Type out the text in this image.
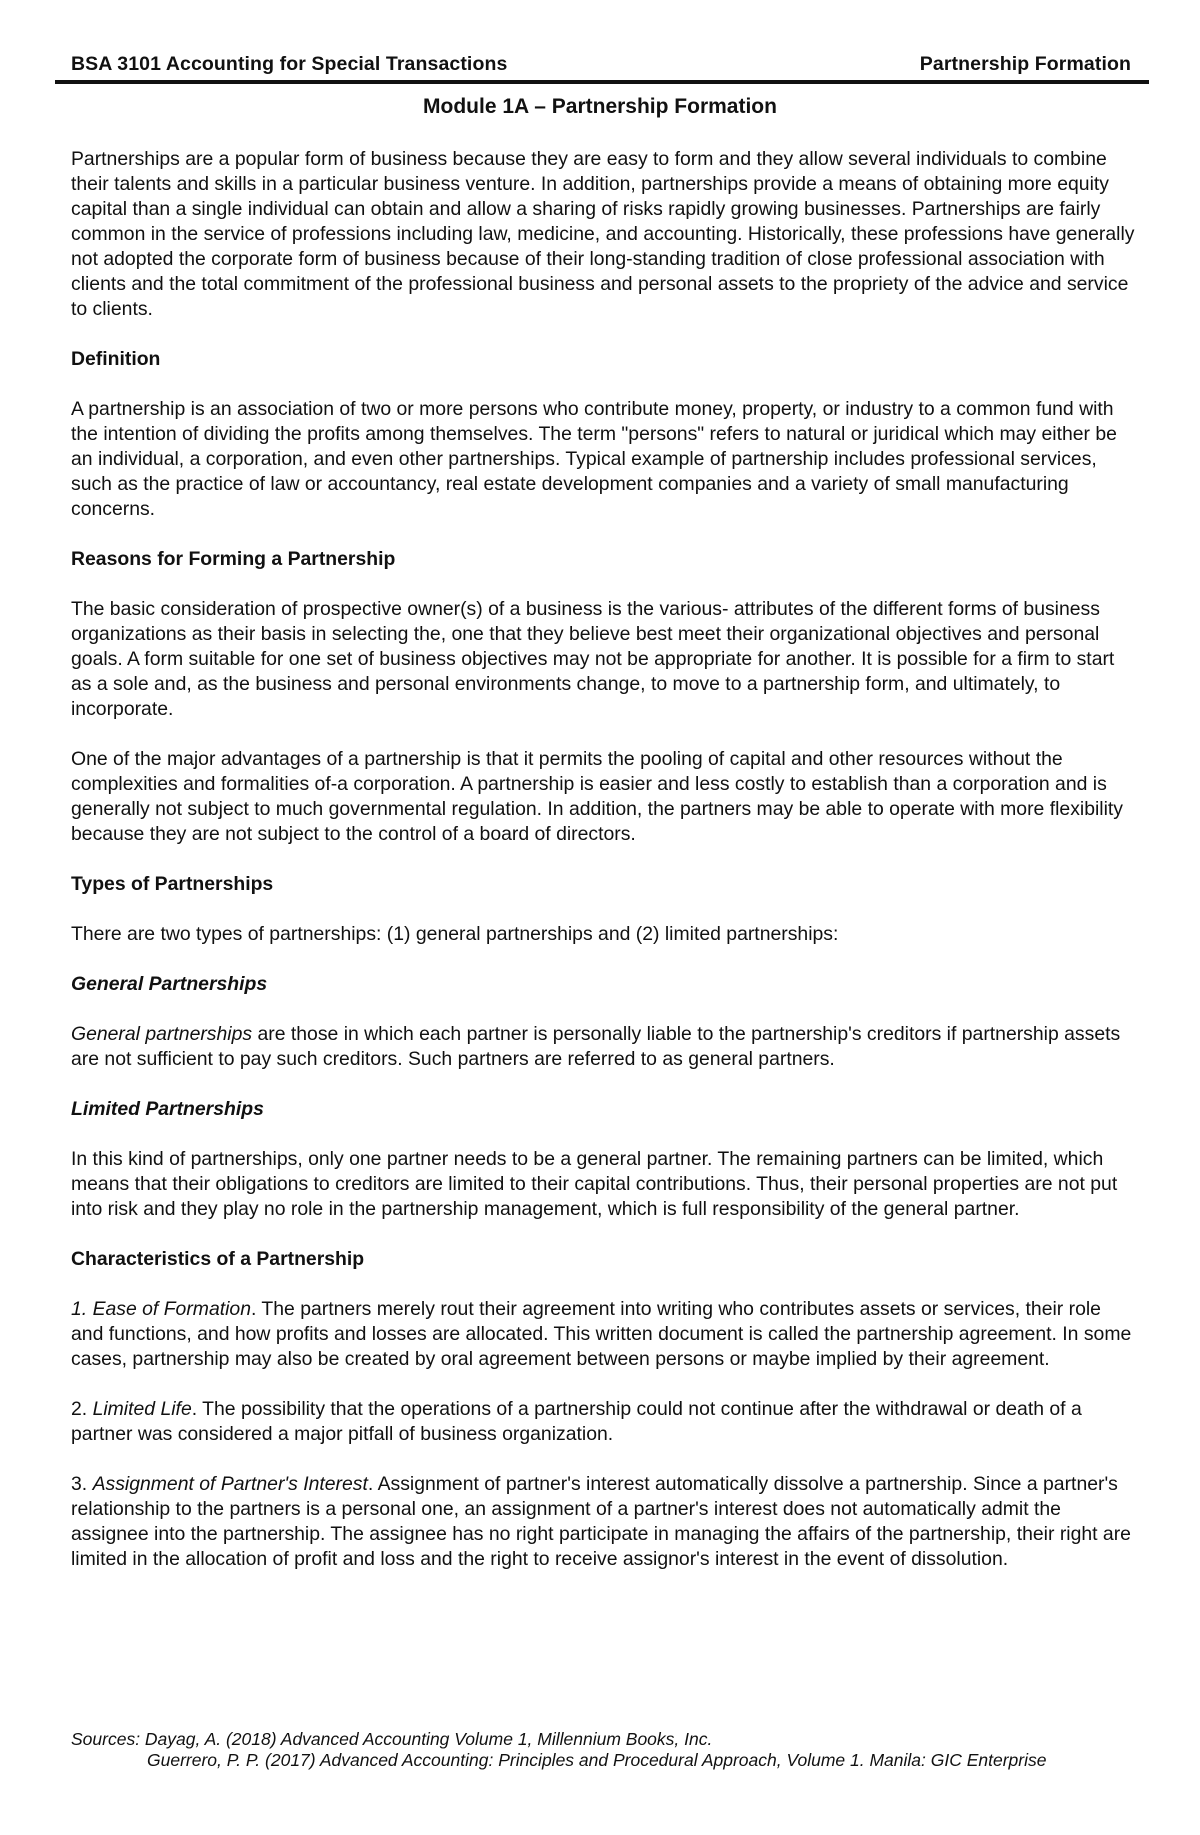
BSA 3101 Accounting for Special Transactions	Partnership Formation
Module 1A – Partnership Formation

Partnerships are a popular form of business because they are easy to form and they allow several individuals to combine their talents and skills in a particular business venture. In addition, partnerships provide a means of obtaining more equity capital than a single individual can obtain and allow a sharing of risks rapidly growing businesses. Partnerships are fairly common in the service of professions including law, medicine, and accounting. Historically, these professions have generally not adopted the corporate form of business because of their long-standing tradition of close professional association with clients and the total commitment of the professional business and personal assets to the propriety of the advice and service to clients.

Definition

A partnership is an association of two or more persons who contribute money, property, or industry to a common fund with the intention of dividing the profits among themselves. The term "persons" refers to natural or juridical which may either be an individual, a corporation, and even other partnerships. Typical example of partnership includes professional services, such as the practice of law or accountancy, real estate development companies and a variety of small manufacturing concerns.

Reasons for Forming a Partnership

The basic consideration of prospective owner(s) of a business is the various- attributes of the different forms of business organizations as their basis in selecting the, one that they believe best meet their organizational objectives and personal goals. A form suitable for one set of business objectives may not be appropriate for another. It is possible for a firm to start as a sole and, as the business and personal environments change, to move to a partnership form, and ultimately, to incorporate.

One of the major advantages of a partnership is that it permits the pooling of capital and other resources without the complexities and formalities of-a corporation. A partnership is easier and less costly to establish than a corporation and is generally not subject to much governmental regulation. In addition, the partners may be able to operate with more flexibility because they are not subject to the control of a board of directors.

Types of Partnerships

There are two types of partnerships: (1) general partnerships and (2) limited partnerships:

General Partnerships

General partnerships are those in which each partner is personally liable to the partnership's creditors if partnership assets are not sufficient to pay such creditors. Such partners are referred to as general partners.

Limited Partnerships

In this kind of partnerships, only one partner needs to be a general partner. The remaining partners can be limited, which means that their obligations to creditors are limited to their capital contributions. Thus, their personal properties are not put into risk and they play no role in the partnership management, which is full responsibility of the general partner.

Characteristics of a Partnership

1. Ease of Formation. The partners merely rout their agreement into writing who contributes assets or services, their role and functions, and how profits and losses are allocated. This written document is called the partnership agreement. In some cases, partnership may also be created by oral agreement between persons or maybe implied by their agreement.

2. Limited Life. The possibility that the operations of a partnership could not continue after the withdrawal or death of a partner was considered a major pitfall of business organization.

3. Assignment of Partner's Interest. Assignment of partner's interest automatically dissolve a partnership. Since a partner's relationship to the partners is a personal one, an assignment of a partner's interest does not automatically admit the assignee into the partnership. The assignee has no right participate in managing the affairs of the partnership, their right are limited in the allocation of profit and loss and the right to receive assignor's interest in the event of dissolution.

Sources: Dayag, A. (2018) Advanced Accounting Volume 1, Millennium Books, Inc.
Guerrero, P. P. (2017) Advanced Accounting: Principles and Procedural Approach, Volume 1. Manila: GIC Enterprise
